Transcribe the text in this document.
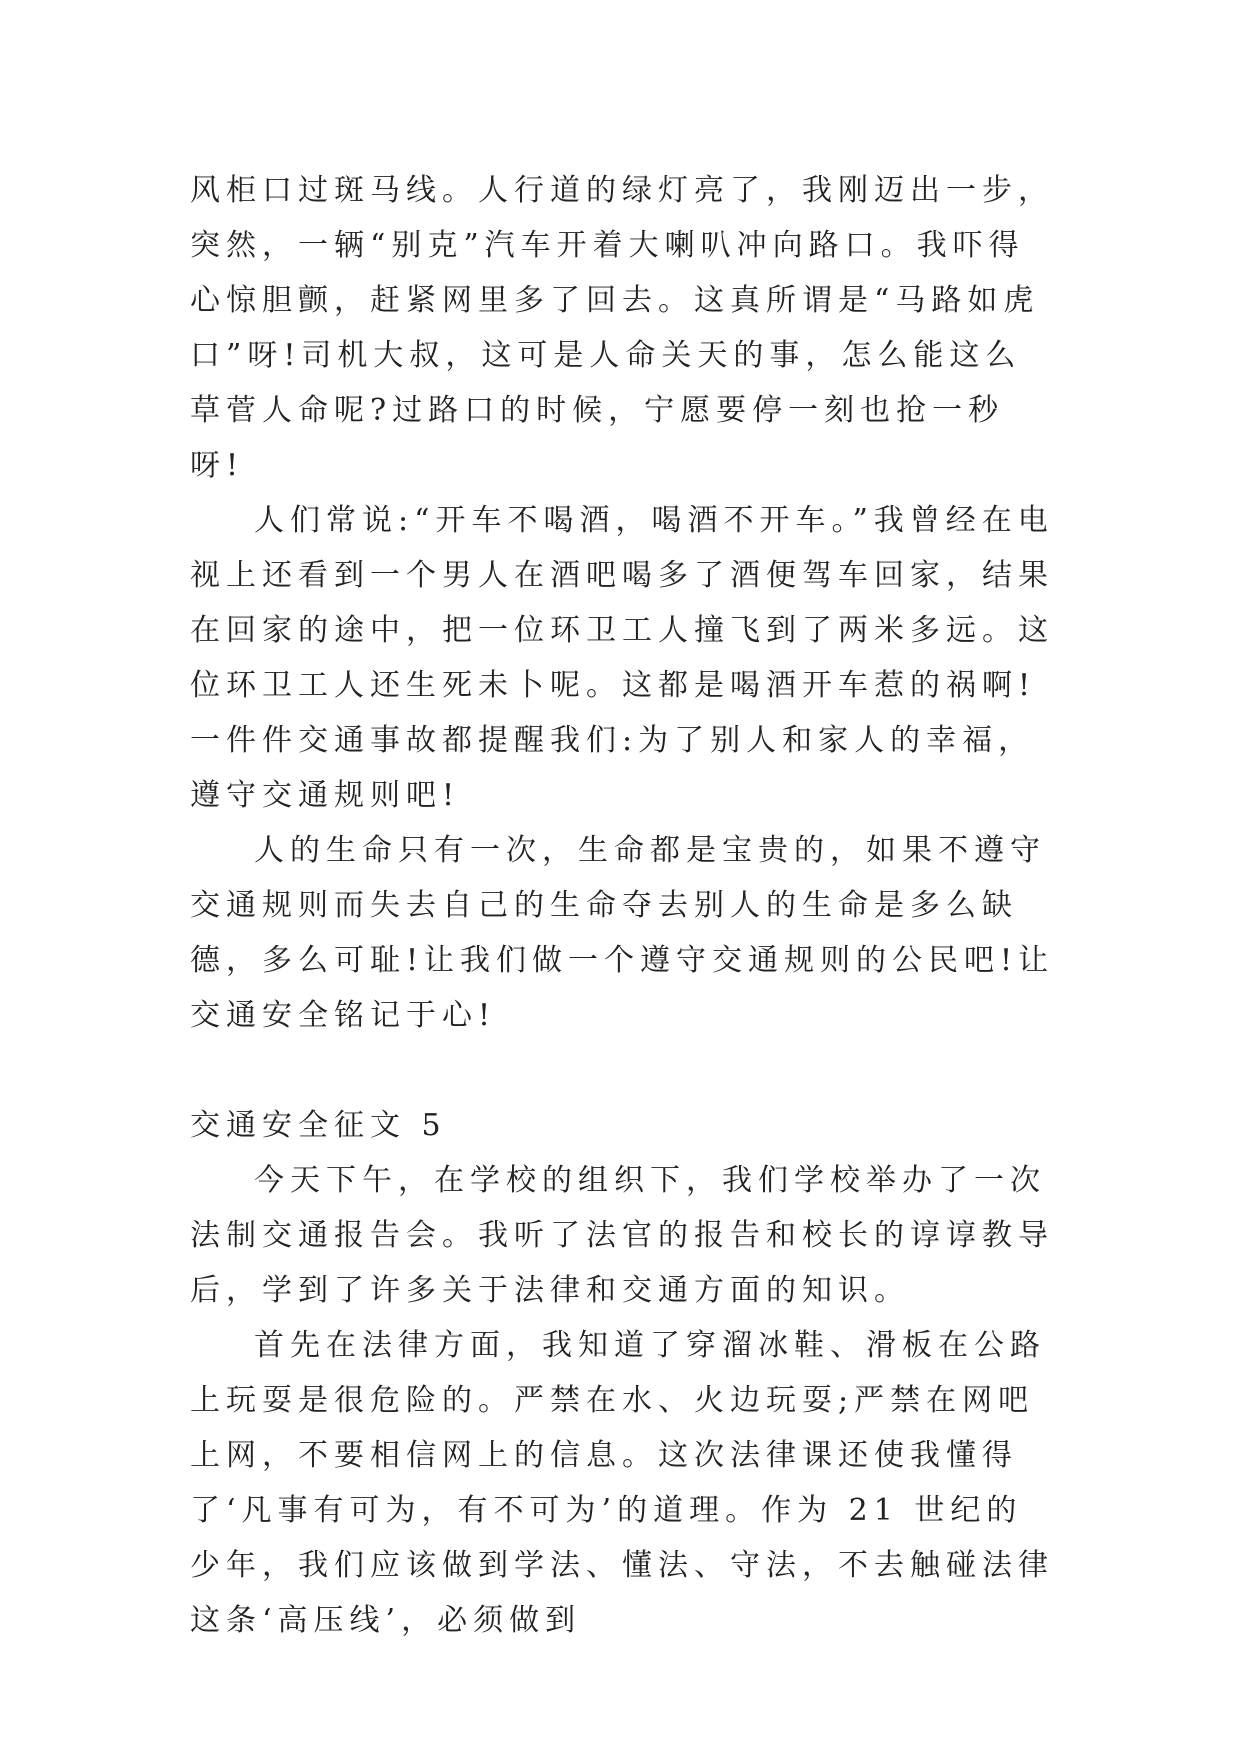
风柜口过斑马线。人行道的绿灯亮了，我刚迈出一步，突然，一辆“别克”汽车开着大喇叭冲向路口。我吓得心惊胆颤，赶紧网里多了回去。这真所谓是“马路如虎口”呀!司机大叔，这可是人命关天的事，怎么能这么草菅人命呢?过路口的时候，宁愿要停一刻也抢一秒呀!

人们常说:“开车不喝酒，喝酒不开车。”我曾经在电视上还看到一个男人在酒吧喝多了酒便驾车回家，结果在回家的途中，把一位环卫工人撞飞到了两米多远。这位环卫工人还生死未卜呢。这都是喝酒开车惹的祸啊!一件件交通事故都提醒我们:为了别人和家人的幸福，遵守交通规则吧!

人的生命只有一次，生命都是宝贵的，如果不遵守交通规则而失去自己的生命夺去别人的生命是多么缺德，多么可耻!让我们做一个遵守交通规则的公民吧!让交通安全铭记于心!

交通安全征文 5

今天下午，在学校的组织下，我们学校举办了一次法制交通报告会。我听了法官的报告和校长的谆谆教导后，学到了许多关于法律和交通方面的知识。

首先在法律方面，我知道了穿溜冰鞋、滑板在公路上玩耍是很危险的。严禁在水、火边玩耍;严禁在网吧上网，不要相信网上的信息。这次法律课还使我懂得了‘凡事有可为，有不可为’的道理。作为 21 世纪的少年，我们应该做到学法、懂法、守法，不去触碰法律这条‘高压线’，必须做到
